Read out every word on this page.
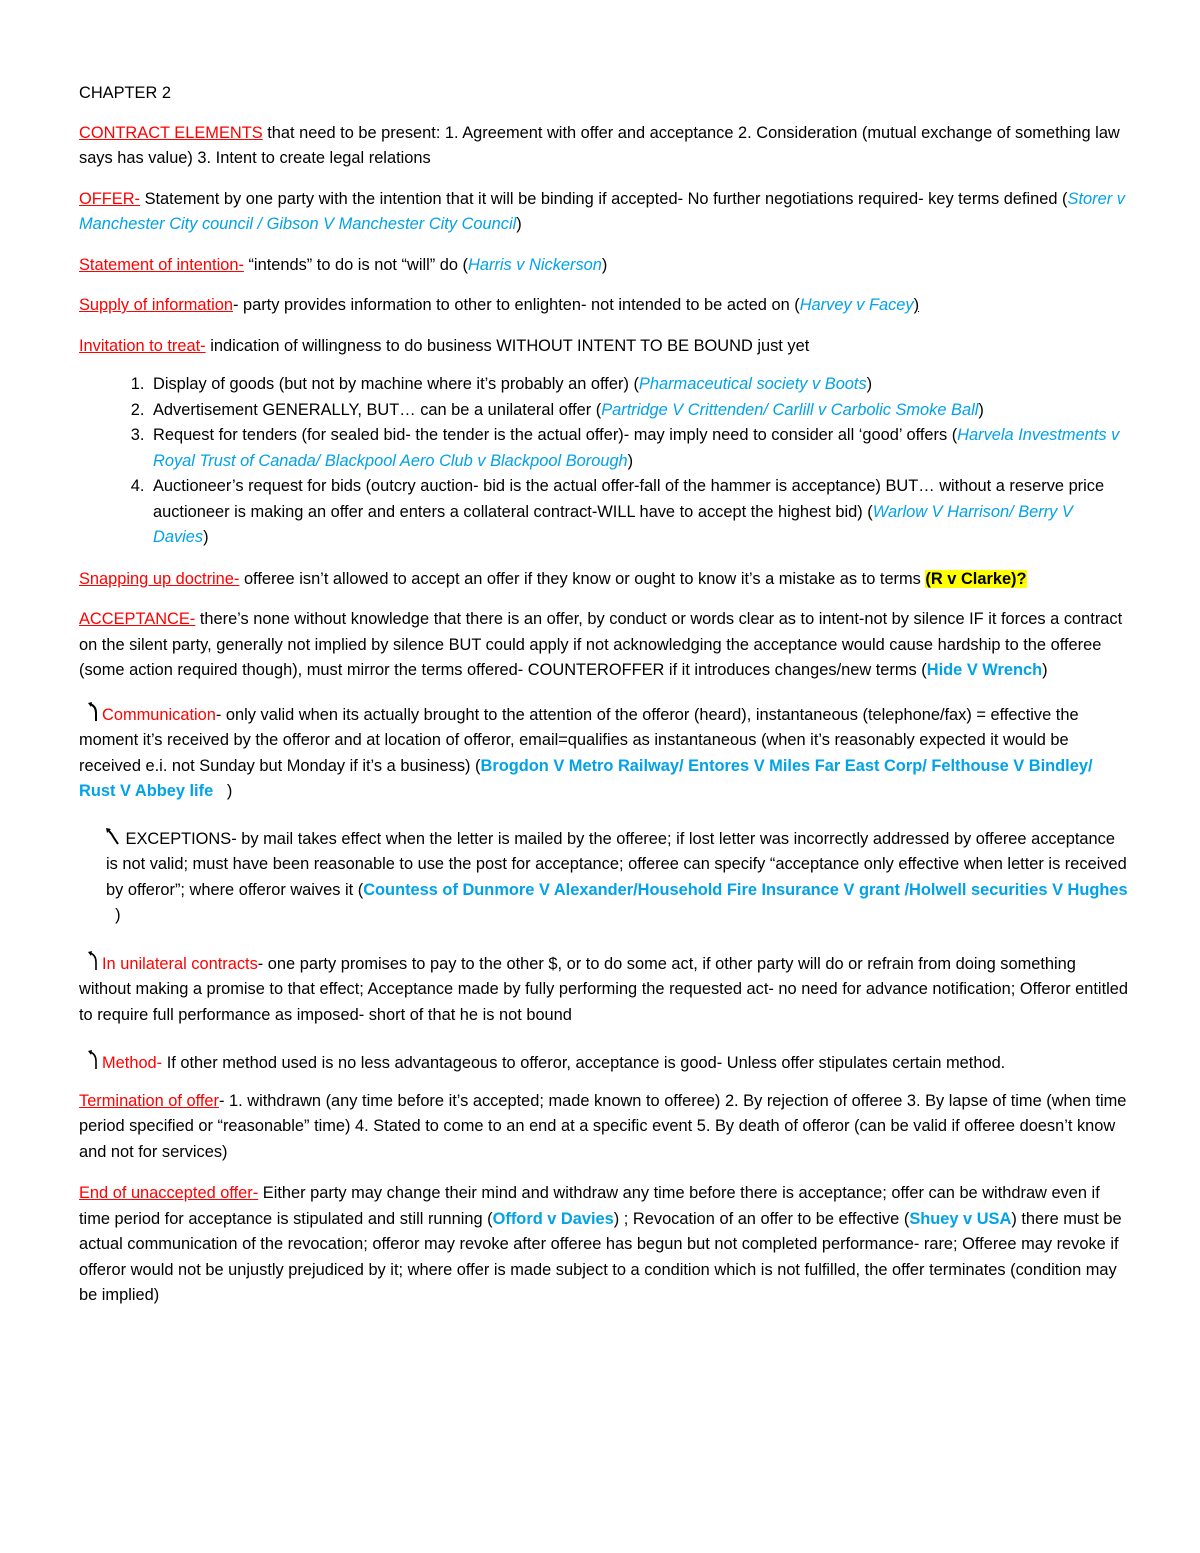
CHAPTER 2

CONTRACT ELEMENTS that need to be present: 1. Agreement with offer and acceptance 2. Consideration (mutual exchange of something law says has value) 3. Intent to create legal relations

OFFER- Statement by one party with the intention that it will be binding if accepted- No further negotiations required- key terms defined (Storer v Manchester City council / Gibson V Manchester City Council)

Statement of intention- “intends” to do is not “will” do (Harris v Nickerson)

Supply of information- party provides information to other to enlighten- not intended to be acted on (Harvey v Facey)

Invitation to treat- indication of willingness to do business WITHOUT INTENT TO BE BOUND just yet

1. Display of goods (but not by machine where it’s probably an offer) (Pharmaceutical society v Boots)
2. Advertisement GENERALLY, BUT… can be a unilateral offer (Partridge V Crittenden/ Carlill v Carbolic Smoke Ball)
3. Request for tenders (for sealed bid- the tender is the actual offer)- may imply need to consider all ‘good’ offers (Harvela Investments v Royal Trust of Canada/ Blackpool Aero Club v Blackpool Borough)
4. Auctioneer’s request for bids (outcry auction- bid is the actual offer-fall of the hammer is acceptance) BUT… without a reserve price auctioneer is making an offer and enters a collateral contract-WILL have to accept the highest bid) (Warlow V Harrison/ Berry V Davies)

Snapping up doctrine- offeree isn’t allowed to accept an offer if they know or ought to know it’s a mistake as to terms (R v Clarke)?

ACCEPTANCE- there’s none without knowledge that there is an offer, by conduct or words clear as to intent-not by silence IF it forces a contract on the silent party, generally not implied by silence BUT could apply if not acknowledging the acceptance would cause hardship to the offeree (some action required though), must mirror the terms offered- COUNTEROFFER if it introduces changes/new terms (Hide V Wrench)

Communication- only valid when its actually brought to the attention of the offeror (heard), instantaneous (telephone/fax) = effective the moment it’s received by the offeror and at location of offeror, email=qualifies as instantaneous (when it’s reasonably expected it would be received e.i. not Sunday but Monday if it’s a business) (Brogdon V Metro Railway/ Entores V Miles Far East Corp/ Felthouse V Bindley/ Rust V Abbey life   )

EXCEPTIONS- by mail takes effect when the letter is mailed by the offeree; if lost letter was incorrectly addressed by offeree acceptance is not valid; must have been reasonable to use the post for acceptance; offeree can specify “acceptance only effective when letter is received by offeror”; where offeror waives it (Countess of Dunmore V Alexander/Household Fire Insurance V grant /Holwell securities V Hughes  )

In unilateral contracts- one party promises to pay to the other $, or to do some act, if other party will do or refrain from doing something without making a promise to that effect; Acceptance made by fully performing the requested act- no need for advance notification; Offeror entitled to require full performance as imposed- short of that he is not bound

Method- If other method used is no less advantageous to offeror, acceptance is good- Unless offer stipulates certain method.

Termination of offer- 1. withdrawn (any time before it’s accepted; made known to offeree) 2. By rejection of offeree 3. By lapse of time (when time period specified or “reasonable” time) 4. Stated to come to an end at a specific event 5. By death of offeror (can be valid if offeree doesn’t know and not for services)

End of unaccepted offer- Either party may change their mind and withdraw any time before there is acceptance; offer can be withdraw even if time period for acceptance is stipulated and still running (Offord v Davies) ; Revocation of an offer to be effective (Shuey v USA) there must be actual communication of the revocation; offeror may revoke after offeree has begun but not completed performance- rare; Offeree may revoke if offeror would not be unjustly prejudiced by it; where offer is made subject to a condition which is not fulfilled, the offer terminates (condition may be implied)
